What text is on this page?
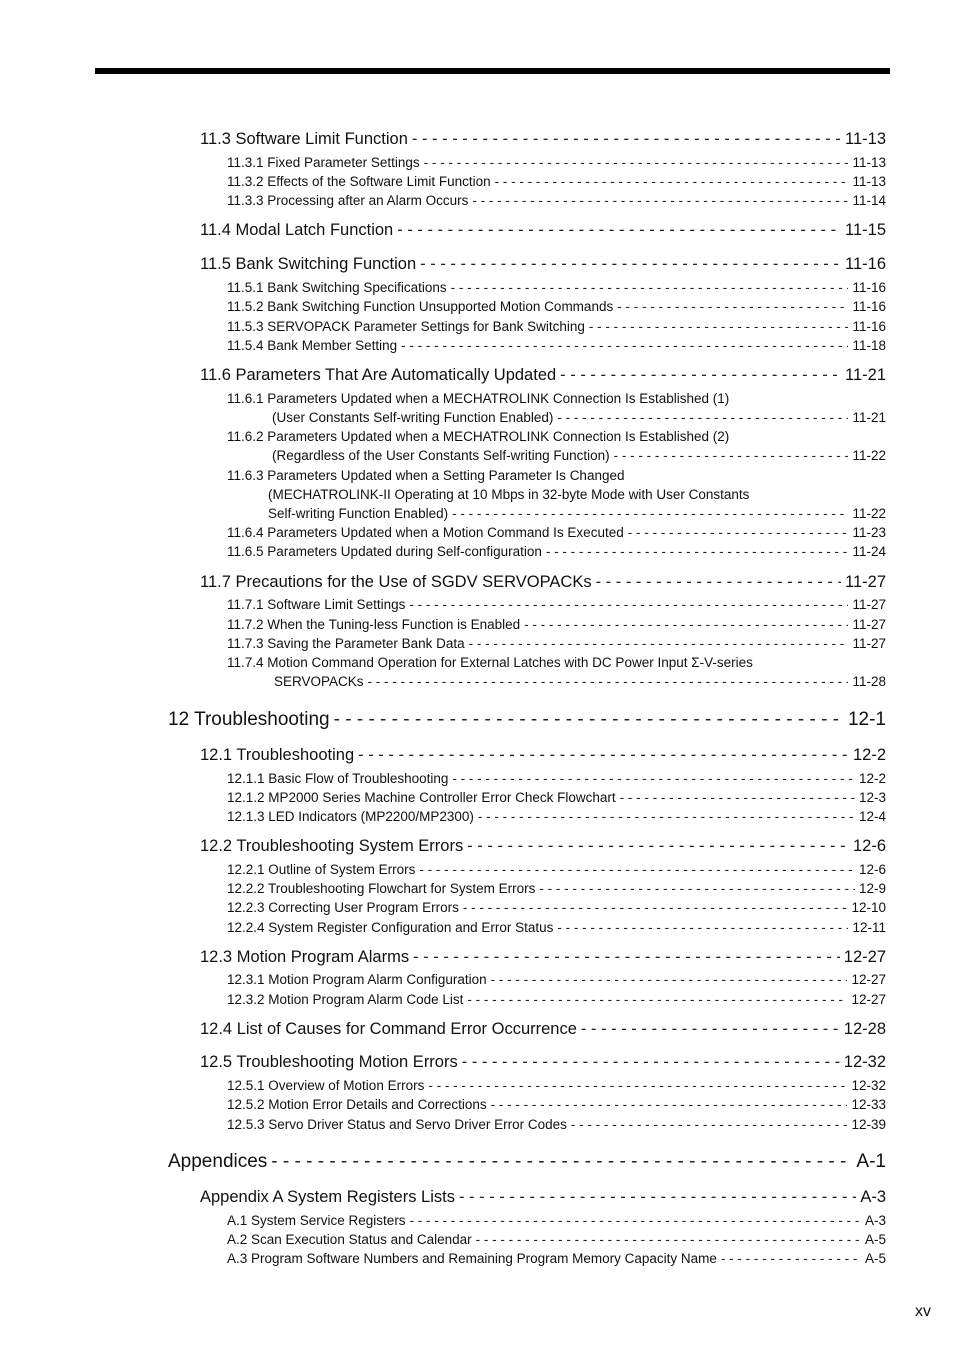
11.3 Software Limit Function - - -	11-13
11.3.1 Fixed Parameter Settings - - -	11-13
11.3.2 Effects of the Software Limit Function - - -	11-13
11.3.3 Processing after an Alarm Occurs - - -	11-14
11.4 Modal Latch Function - - -	11-15
11.5 Bank Switching Function - - -	11-16
11.5.1 Bank Switching Specifications - - -	11-16
11.5.2 Bank Switching Function Unsupported Motion Commands - - -	11-16
11.5.3 SERVOPACK Parameter Settings for Bank Switching - - -	11-16
11.5.4 Bank Member Setting - - -	11-18
11.6 Parameters That Are Automatically Updated - - -	11-21
11.6.1 Parameters Updated when a MECHATROLINK Connection Is Established (1)
(User Constants Self-writing Function Enabled) - - -	11-21
11.6.2 Parameters Updated when a MECHATROLINK Connection Is Established (2)
(Regardless of the User Constants Self-writing Function) - - -	11-22
11.6.3 Parameters Updated when a Setting Parameter Is Changed
(MECHATROLINK-II Operating at 10 Mbps in 32-byte Mode with User Constants
Self-writing Function Enabled) - - -	11-22
11.6.4 Parameters Updated when a Motion Command Is Executed - - -	11-23
11.6.5 Parameters Updated during Self-configuration - - -	11-24
11.7 Precautions for the Use of SGDV SERVOPACKs - - -	11-27
11.7.1 Software Limit Settings - - -	11-27
11.7.2 When the Tuning-less Function is Enabled - - -	11-27
11.7.3 Saving the Parameter Bank Data - - -	11-27
11.7.4 Motion Command Operation for External Latches with DC Power Input Σ-V-series
SERVOPACKs - - -	11-28
12 Troubleshooting - - -	12-1
12.1 Troubleshooting - - -	12-2
12.1.1 Basic Flow of Troubleshooting - - -	12-2
12.1.2 MP2000 Series Machine Controller Error Check Flowchart - - -	12-3
12.1.3 LED Indicators (MP2200/MP2300) - - -	12-4
12.2 Troubleshooting System Errors - - -	12-6
12.2.1 Outline of System Errors - - -	12-6
12.2.2 Troubleshooting Flowchart for System Errors - - -	12-9
12.2.3 Correcting User Program Errors - - -	12-10
12.2.4 System Register Configuration and Error Status - - -	12-11
12.3 Motion Program Alarms - - -	12-27
12.3.1 Motion Program Alarm Configuration - - -	12-27
12.3.2 Motion Program Alarm Code List - - -	12-27
12.4 List of Causes for Command Error Occurrence - - -	12-28
12.5 Troubleshooting Motion Errors - - -	12-32
12.5.1 Overview of Motion Errors - - -	12-32
12.5.2 Motion Error Details and Corrections - - -	12-33
12.5.3 Servo Driver Status and Servo Driver Error Codes - - -	12-39
Appendices - - -	A-1
Appendix A System Registers Lists - - -	A-3
A.1 System Service Registers - - -	A-3
A.2 Scan Execution Status and Calendar - - -	A-5
A.3 Program Software Numbers and Remaining Program Memory Capacity Name - - -	A-5
xv
